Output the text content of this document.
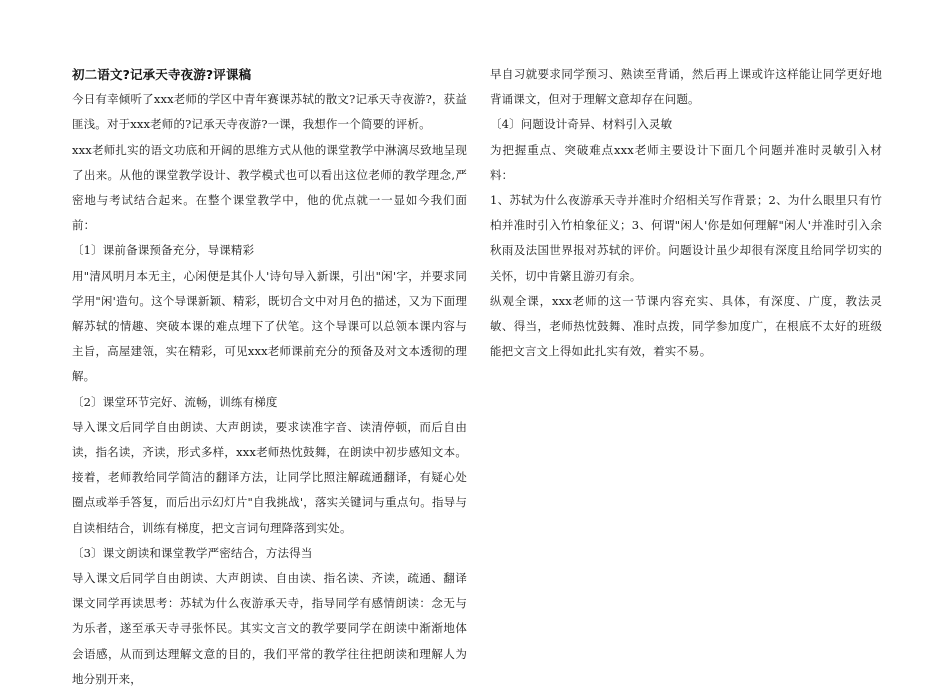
初二语文?记承天寺夜游?评课稿

今日有幸倾听了xxx老师的学区中青年赛课苏轼的散文?记承天寺夜游?，获益匪浅。对于xxx老师的?记承天寺夜游?一课，我想作一个简要的评析。

xxx老师扎实的语文功底和开阔的思维方式从他的课堂教学中淋漓尽致地呈现了出来。从他的课堂教学设计、教学模式也可以看出这位老师的教学理念,严密地与考试结合起来。在整个课堂教学中，他的优点就一一显如今我们面前：

〔1〕课前备课预备充分，导课精彩

用"清风明月本无主，心闲便是其仆人'诗句导入新课，引出"闲'字，并要求同学用"闲'造句。这个导课新颖、精彩，既切合文中对月色的描述，又为下面理解苏轼的情趣、突破本课的难点埋下了伏笔。这个导课可以总领本课内容与主旨，高屋建瓴，实在精彩，可见xxx老师课前充分的预备及对文本透彻的理解。

〔2〕课堂环节完好、流畅，训练有梯度

导入课文后同学自由朗读、大声朗读，要求读准字音、读清停顿，而后自由读，指名读，齐读，形式多样，xxx老师热忱鼓舞，在朗读中初步感知文本。接着，老师教给同学简洁的翻译方法，让同学比照注解疏通翻译，有疑心处圈点或举手答复，而后出示幻灯片"自我挑战'，落实关键词与重点句。指导与自读相结合，训练有梯度，把文言词句理降落到实处。

〔3〕课文朗读和课堂教学严密结合，方法得当

导入课文后同学自由朗读、大声朗读、自由读、指名读、齐读，疏通、翻译课文同学再读思考：苏轼为什么夜游承天寺，指导同学有感情朗读：念无与为乐者，遂至承天寺寻张怀民。其实文言文的教学要同学在朗读中渐渐地体会语感，从而到达理解文意的目的，我们平常的教学往往把朗读和理解人为地分别开来，

早自习就要求同学预习、熟读至背诵，然后再上课或许这样能让同学更好地背诵课文，但对于理解文意却存在问题。

〔4〕问题设计奇异、材料引入灵敏

为把握重点、突破难点xxx老师主要设计下面几个问题并准时灵敏引入材料：

1、苏轼为什么夜游承天寺并准时介绍相关写作背景；2、为什么眼里只有竹柏并准时引入竹柏象征义；3、何谓"闲人'你是如何理解"闲人'并准时引入余秋雨及法国世界报对苏轼的评价。问题设计虽少却很有深度且给同学切实的关怀，切中肯綮且游刃有余。

纵观全课，xxx老师的这一节课内容充实、具体，有深度、广度，教法灵敏、得当，老师热忱鼓舞、准时点拨，同学参加度广，在根底不太好的班级能把文言文上得如此扎实有效，着实不易。
